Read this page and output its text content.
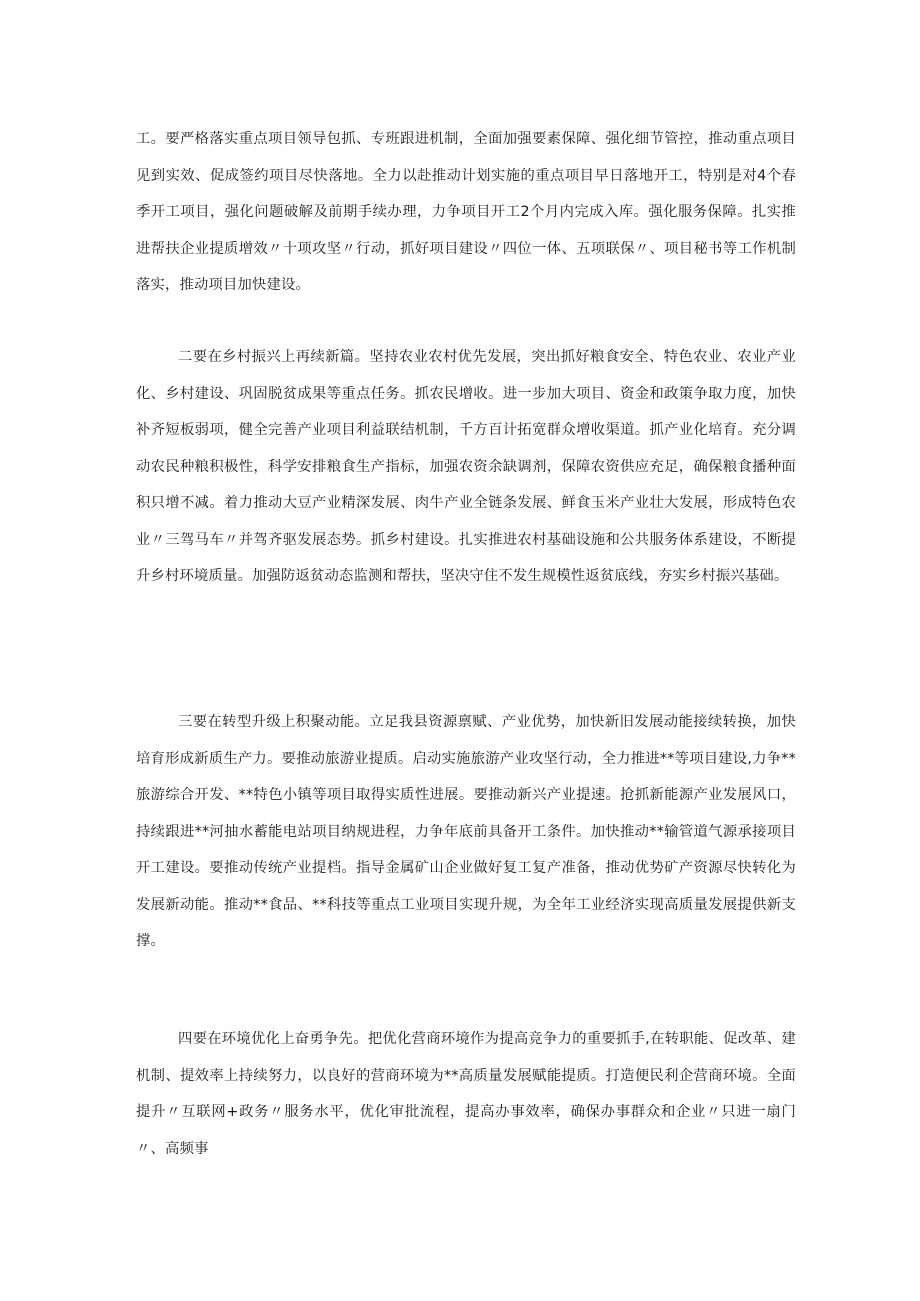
工。要严格落实重点项目领导包抓、专班跟进机制，全面加强要素保障、强化细节管控，推动重点项目见到实效、促成签约项目尽快落地。全力以赴推动计划实施的重点项目早日落地开工，特别是对4个春季开工项目，强化问题破解及前期手续办理，力争项目开工2个月内完成入库。强化服务保障。扎实推进帮扶企业提质增效〃十项攻坚〃行动，抓好项目建设〃四位一体、五项联保〃、项目秘书等工作机制落实，推动项目加快建设。

二要在乡村振兴上再续新篇。坚持农业农村优先发展，突出抓好粮食安全、特色农业、农业产业化、乡村建设、巩固脱贫成果等重点任务。抓农民增收。进一步加大项目、资金和政策争取力度，加快补齐短板弱项，健全完善产业项目利益联结机制，千方百计拓宽群众增收渠道。抓产业化培育。充分调动农民种粮积极性，科学安排粮食生产指标，加强农资余缺调剂，保障农资供应充足，确保粮食播种面积只增不减。着力推动大豆产业精深发展、肉牛产业全链条发展、鲜食玉米产业壮大发展，形成特色农业〃三驾马车〃并驾齐驱发展态势。抓乡村建设。扎实推进农村基础设施和公共服务体系建设，不断提升乡村环境质量。加强防返贫动态监测和帮扶，坚决守住不发生规模性返贫底线，夯实乡村振兴基础。

三要在转型升级上积聚动能。立足我县资源禀赋、产业优势，加快新旧发展动能接续转换，加快培育形成新质生产力。要推动旅游业提质。启动实施旅游产业攻坚行动，全力推进**等项目建设,力争**旅游综合开发、**特色小镇等项目取得实质性进展。要推动新兴产业提速。抢抓新能源产业发展风口，持续跟进**河抽水蓄能电站项目纳规进程，力争年底前具备开工条件。加快推动**输管道气源承接项目开工建设。要推动传统产业提档。指导金属矿山企业做好复工复产准备，推动优势矿产资源尽快转化为发展新动能。推动**食品、**科技等重点工业项目实现升规，为全年工业经济实现高质量发展提供新支撑。

四要在环境优化上奋勇争先。把优化营商环境作为提高竞争力的重要抓手,在转职能、促改革、建机制、提效率上持续努力，以良好的营商环境为**高质量发展赋能提质。打造便民利企营商环境。全面提升〃互联网+政务〃服务水平，优化审批流程，提高办事效率，确保办事群众和企业〃只进一扇门〃、高频事
